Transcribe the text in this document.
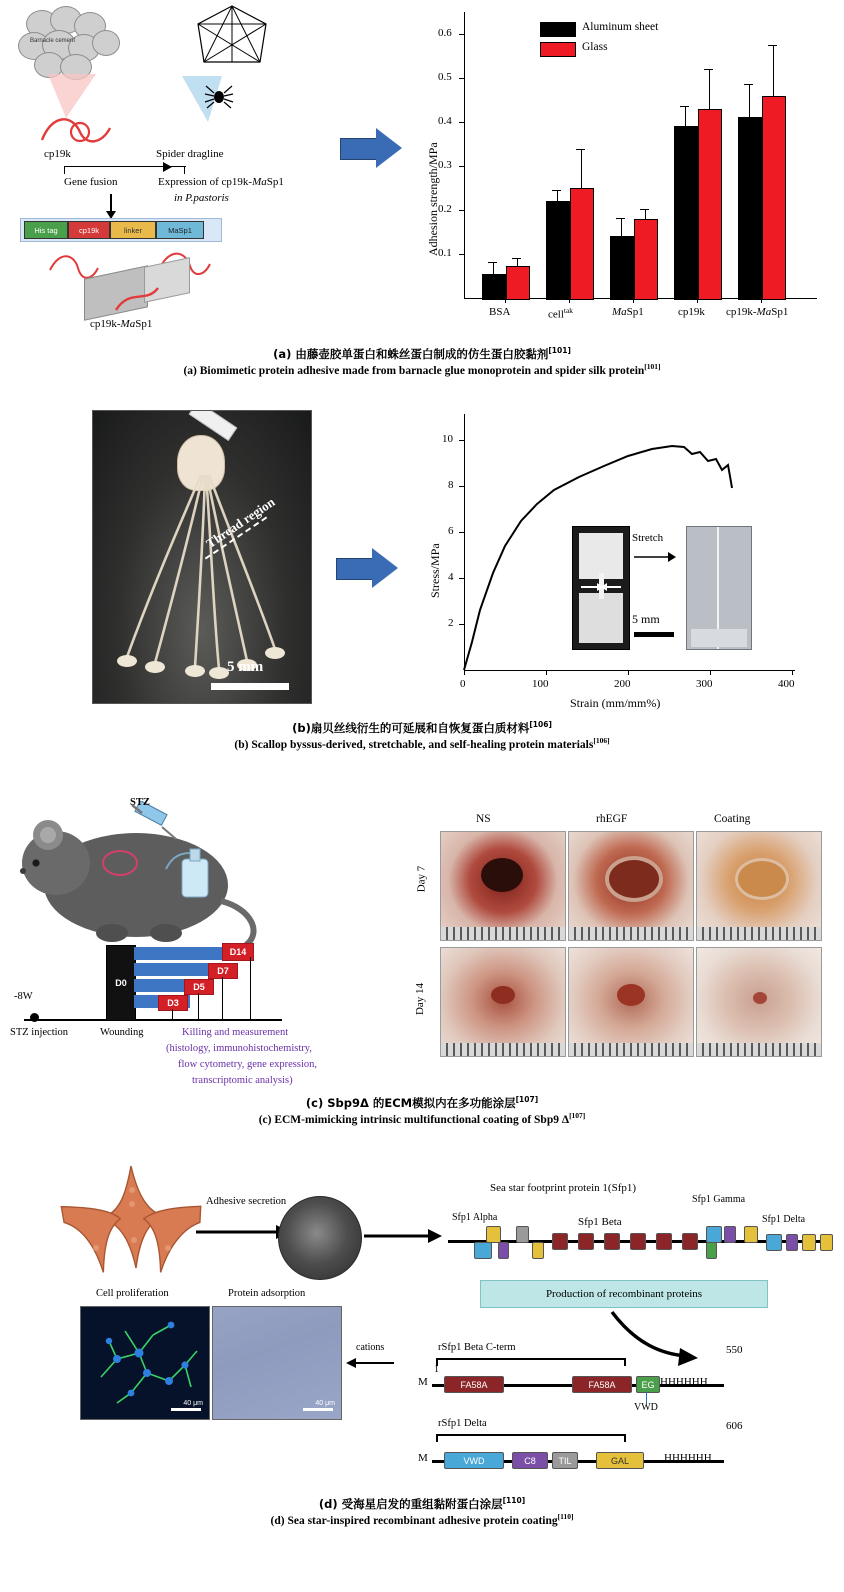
Barnacle cement
cp19k	Spider dragline
Gene fusion	Expression of cp19k-MaSp1
in P.pastoris
His tag	cp19k	linker	MaSp1
cp19k-MaSp1
Adhesion strength/MPa
0.1
0.2
0.3
0.4
0.5
0.6	Aluminum sheet
Glass
BSA	cell$^{tak}$	MaSp1	cp19k cp19k-MaSp1
(a) 由藤壶胶单蛋白和蛛丝蛋白制成的仿生蛋白胶黏剂[101]
(a) Biomimetic protein adhesive made from barnacle glue monoprotein and spider silk protein[101]
Thread region
5 mm
Stress/MPa
2
4
6
8
10
0	100	200	300	400
Strain (mm/mm%)
Stretch
5 mm
(b)扇贝丝线衍生的可延展和自恢复蛋白质材料[106]
(b) Scallop byssus-derived, stretchable, and self-healing protein materials[106]
STZ
-8W
D0
D3
D5
D7
D14
STZ injection	Wounding	Killing and measurement
(histology, immunohistochemistry,
flow cytometry, gene expression,
transcriptomic analysis)
NS	rhEGF	Coating
Day 7
Day 14
(c) Sbp9Δ 的ECM模拟内在多功能涂层[107]
(c) ECM-mimicking intrinsic multifunctional coating of Sbp9 Δ[107]
Adhesive secretion
Sea star footprint protein 1(Sfp1)
Sfp1 Alpha	Sfp1 Beta
Sfp1 Gamma
Sfp1 Delta
Production of recombinant proteins
Cell proliferation	Protein adsorption
40 μm	40 μm
cations	rSfp1 Beta C-term
1
550
M	FA58A	FA58A	EG HHHHHH
VWD
rSfp1 Delta	606
M	VWD	C8	TIL	GAL	HHHHHH
(d) 受海星启发的重组黏附蛋白涂层[110]
(d) Sea star-inspired recombinant adhesive protein coating[110]
